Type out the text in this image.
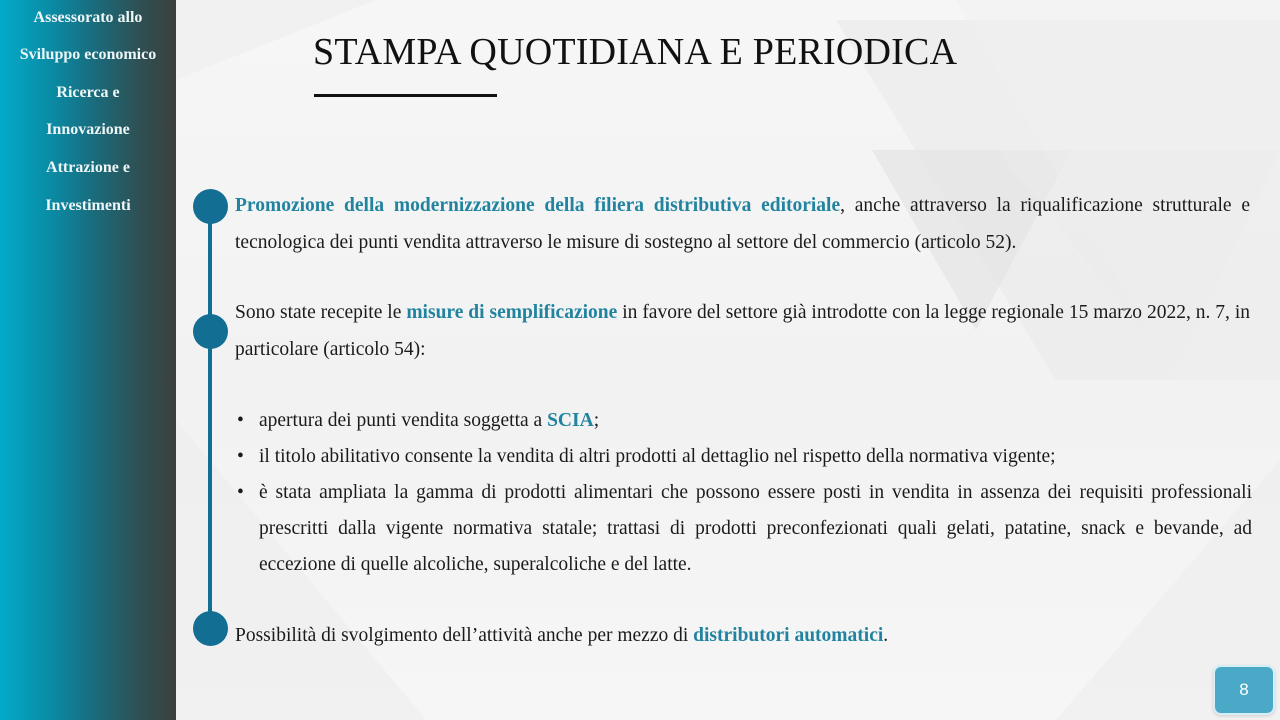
Assessorato allo
Sviluppo economico
Ricerca e
Innovazione
Attrazione e
Investimenti
STAMPA QUOTIDIANA E PERIODICA
Promozione della modernizzazione della filiera distributiva editoriale, anche attraverso la riqualificazione strutturale e tecnologica dei punti vendita attraverso le misure di sostegno al settore del commercio (articolo 52).
Sono state recepite le misure di semplificazione in favore del settore già introdotte con la legge regionale 15 marzo 2022, n. 7, in particolare (articolo 54):
• apertura dei punti vendita soggetta a SCIA;
• il titolo abilitativo consente la vendita di altri prodotti al dettaglio nel rispetto della normativa vigente;
• è stata ampliata la gamma di prodotti alimentari che possono essere posti in vendita in assenza dei requisiti professionali prescritti dalla vigente normativa statale; trattasi di prodotti preconfezionati quali gelati, patatine, snack e bevande, ad eccezione di quelle alcoliche, superalcoliche e del latte.
Possibilità di svolgimento dell’attività anche per mezzo di distributori automatici.
8
